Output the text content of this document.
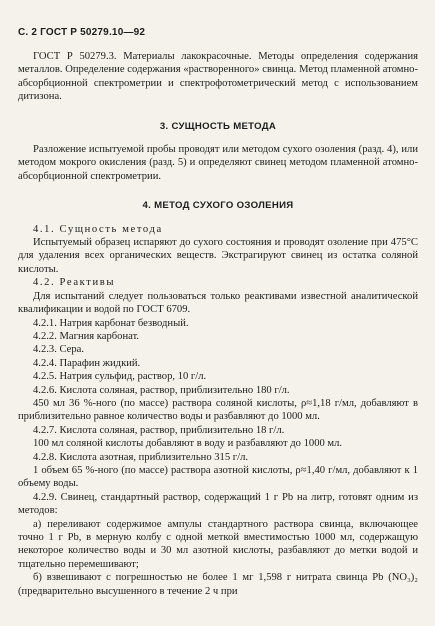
С. 2 ГОСТ Р 50279.10—92

ГОСТ Р 50279.3. Материалы лакокрасочные. Методы определения содержания металлов. Определение содержания «растворенного» свинца. Метод пламенной атомно-абсорбционной спектрометрии и спектрофотометрический метод с использованием дитизона.

3. СУЩНОСТЬ МЕТОДА

Разложение испытуемой пробы проводят или методом сухого озоления (разд. 4), или методом мокрого окисления (разд. 5) и определяют свинец методом пламенной атомно-абсорбционной спектрометрии.

4. МЕТОД СУХОГО ОЗОЛЕНИЯ

4.1. Сущность метода

Испытуемый образец испаряют до сухого состояния и проводят озоление при 475°С для удаления всех органических веществ. Экстрагируют свинец из остатка соляной кислоты.

4.2. Реактивы

Для испытаний следует пользоваться только реактивами известной аналитической квалификации и водой по ГОСТ 6709.

4.2.1. Натрия карбонат безводный.

4.2.2. Магния карбонат.

4.2.3. Сера.

4.2.4. Парафин жидкий.

4.2.5. Натрия сульфид, раствор, 10 г/л.

4.2.6. Кислота соляная, раствор, приблизительно 180 г/л.

450 мл 36 %-ного (по массе) раствора соляной кислоты, ρ≈1,18 г/мл, добавляют в приблизительно равное количество воды и разбавляют до 1000 мл.

4.2.7. Кислота соляная, раствор, приблизительно 18 г/л.

100 мл соляной кислоты добавляют в воду и разбавляют до 1000 мл.

4.2.8. Кислота азотная, приблизительно 315 г/л.

1 объем 65 %-ного (по массе) раствора азотной кислоты, ρ≈1,40 г/мл, добавляют к 1 объему воды.

4.2.9. Свинец, стандартный раствор, содержащий 1 г Pb на литр, готовят одним из методов:

а) переливают содержимое ампулы стандартного раствора свинца, включающее точно 1 г Pb, в мерную колбу с одной меткой вместимостью 1000 мл, содержащую некоторое количество воды и 30 мл азотной кислоты, разбавляют до метки водой и тщательно перемешивают;

б) взвешивают с погрешностью не более 1 мг 1,598 г нитрата свинца Pb (NO₃)₂ (предварительно высушенного в течение 2 ч при
